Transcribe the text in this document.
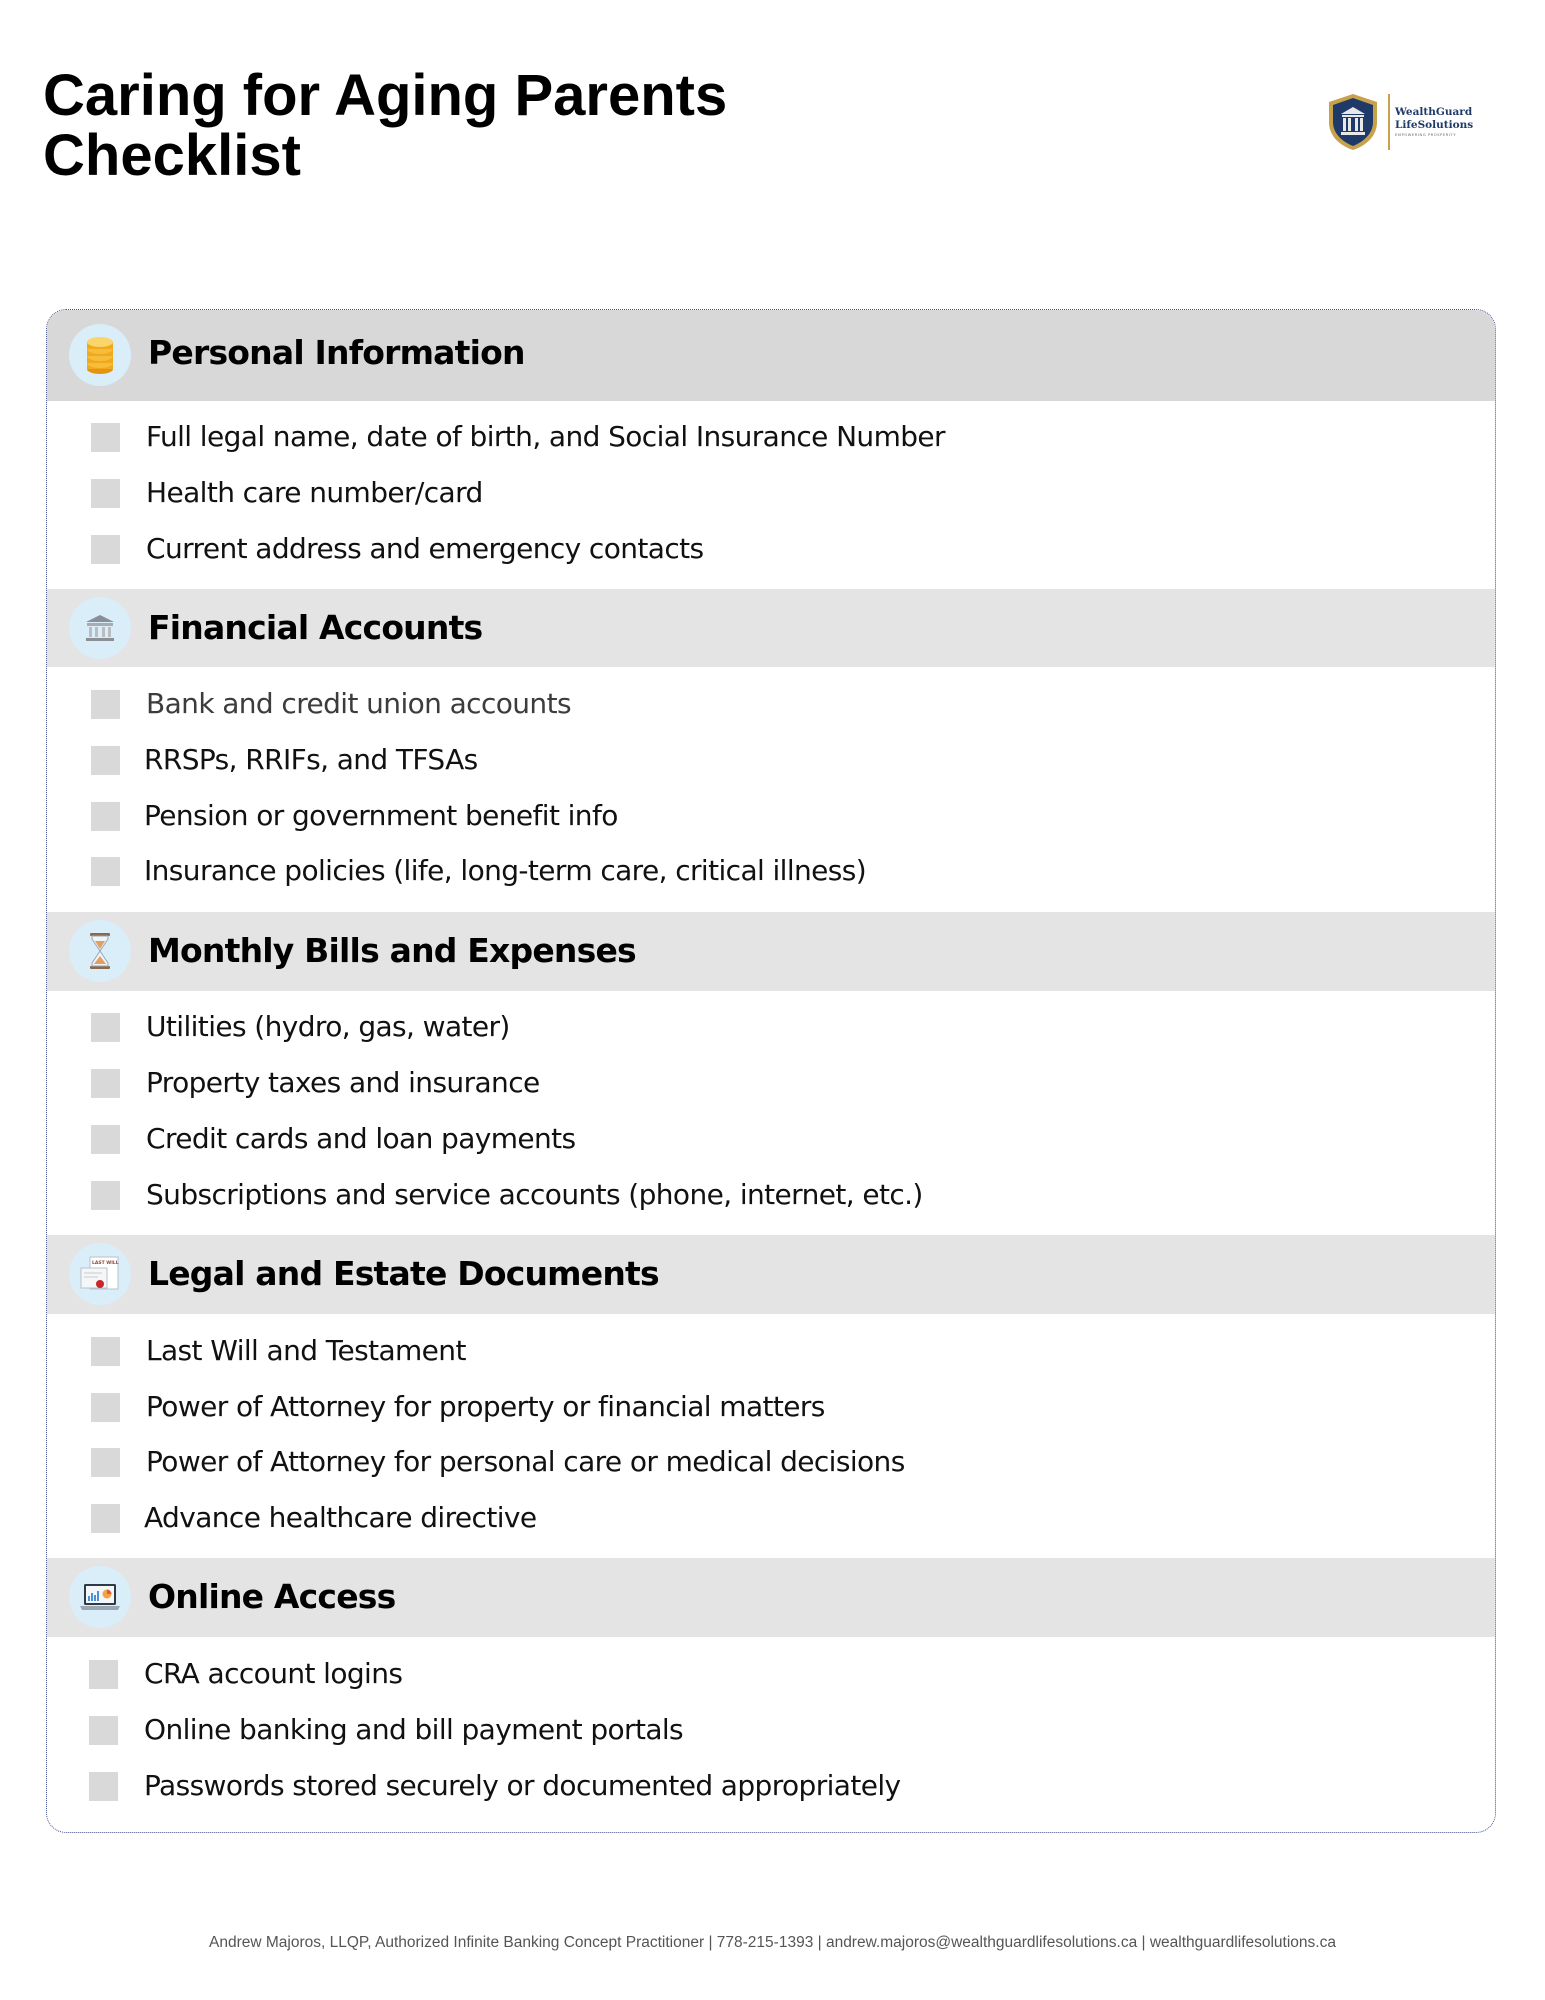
Caring for Aging Parents
Checklist
WealthGuard
LifeSolutions
EMPOWERING PROSPERITY
Personal Information
Full legal name, date of birth, and Social Insurance Number
Health care number/card
Current address and emergency contacts
Financial Accounts
Bank and credit union accounts
RRSPs, RRIFs, and TFSAs
Pension or government benefit info
Insurance policies (life, long-term care, critical illness)
Monthly Bills and Expenses
Utilities (hydro, gas, water)
Property taxes and insurance
Credit cards and loan payments
Subscriptions and service accounts (phone, internet, etc.)
LAST WILL Legal and Estate Documents
Last Will and Testament
Power of Attorney for property or financial matters
Power of Attorney for personal care or medical decisions
Advance healthcare directive
Online Access
CRA account logins
Online banking and bill payment portals
Passwords stored securely or documented appropriately
Andrew Majoros, LLQP, Authorized Infinite Banking Concept Practitioner | 778-215-1393 | andrew.majoros@wealthguardlifesolutions.ca | wealthguardlifesolutions.ca
